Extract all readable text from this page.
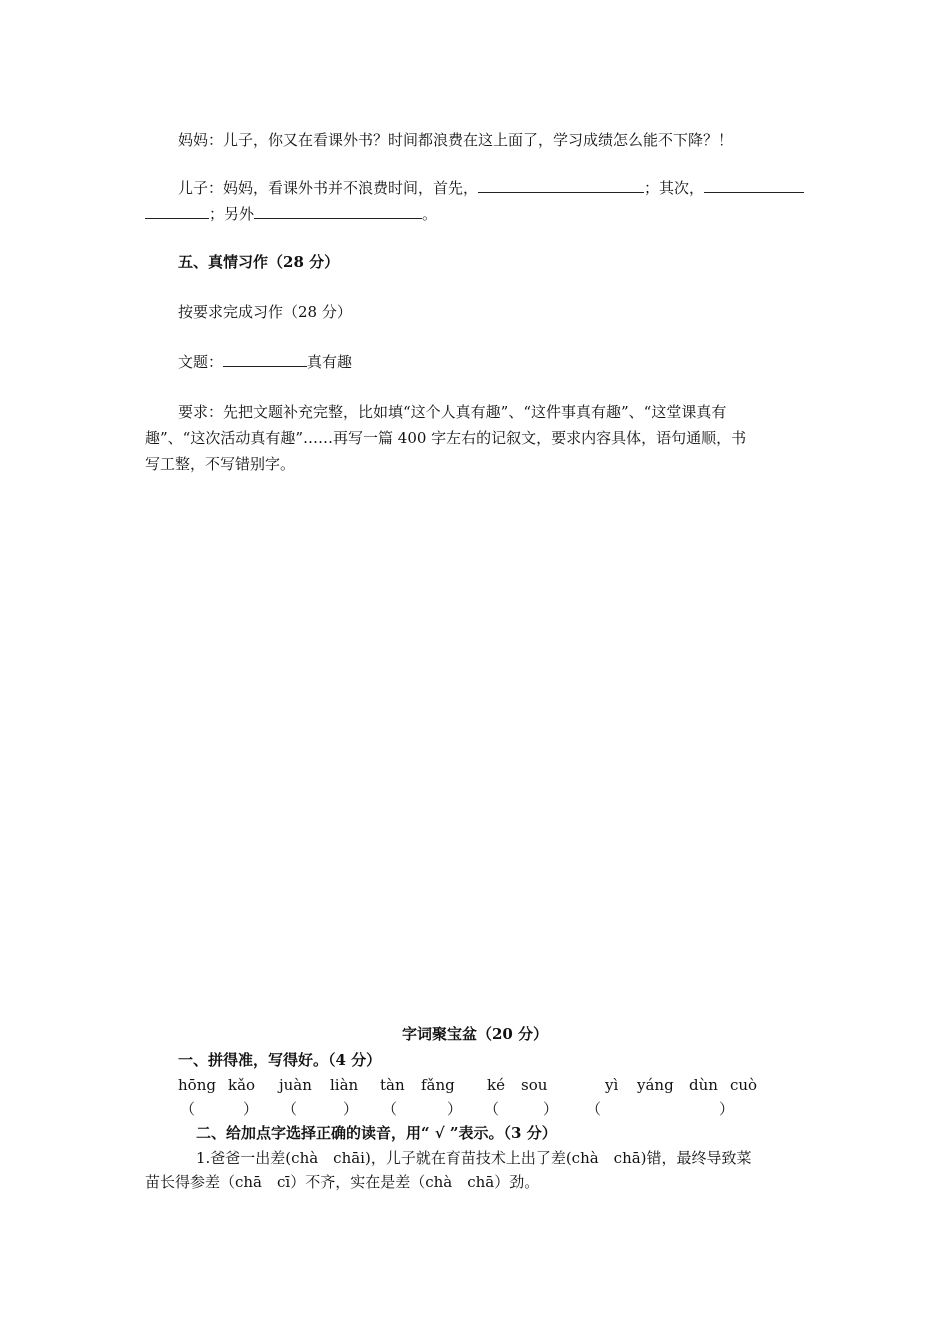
妈妈：儿子，你又在看课外书？时间都浪费在这上面了，学习成绩怎么能不下降？！
儿子：妈妈，看课外书并不浪费时间，首先，	；其次，
；另外	。
五、真情习作（28 分）
按要求完成习作（28 分）
文题：	真有趣
要求：先把文题补充完整，比如填“这个人真有趣”、“这件事真有趣”、“这堂课真有
趣”、“这次活动真有趣”……再写一篇 400 字左右的记叙文，要求内容具体，语句通顺，书
写工整，不写错别字。
字词聚宝盆（20 分）
一、拼得准，写得好。（4 分）
hōng kǎo juàn liàn tàn fǎng ké sou	yì yáng dùn cuò
（	） （	） （	） （	） （	）
二、给加点字选择正确的读音，用“ √ ”表示。（3 分）
1.爸爸一出差(chà　chāi)，儿子就在育苗技术上出了差(chà　chā)错，最终导致菜
苗长得参差（chā　cī）不齐，实在是差（chà　chā）劲。
